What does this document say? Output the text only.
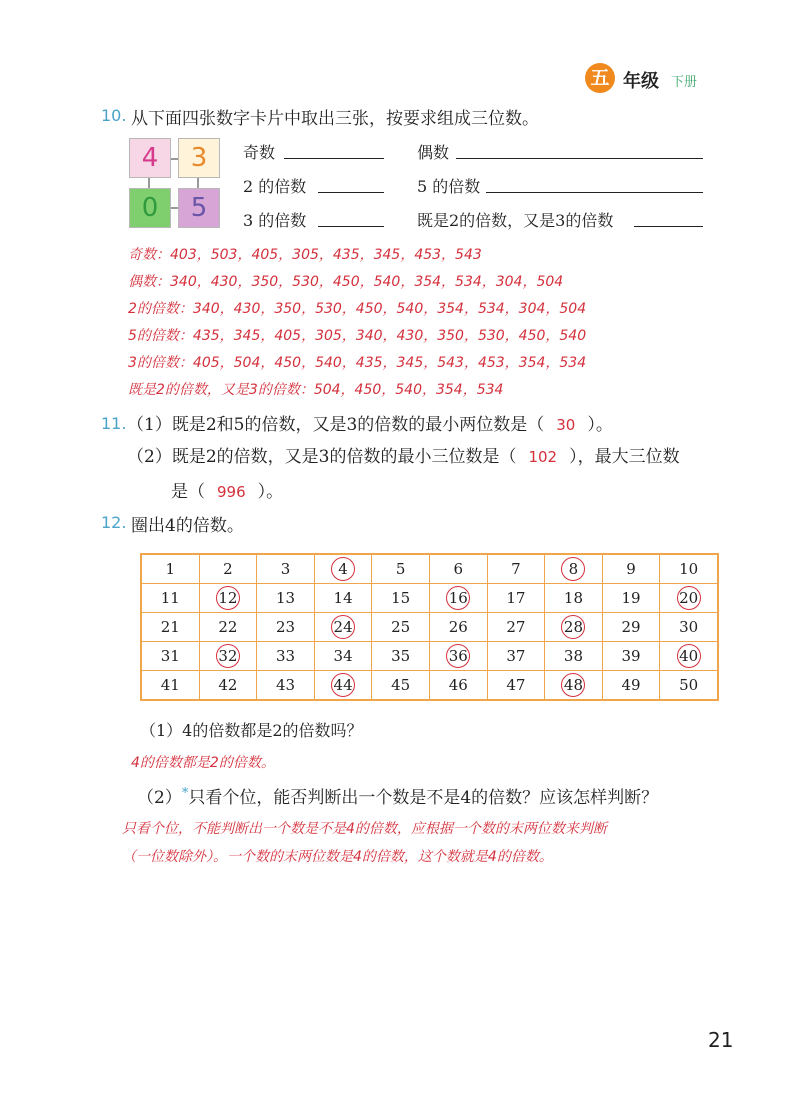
五 年级 下册
10. 从下面四张数字卡片中取出三张，按要求组成三位数。
4	3
0	5
奇数	偶数
2 的倍数	5 的倍数
3 的倍数	既是2的倍数，又是3的倍数
奇数：403，503，405，305，435，345，453，543
偶数：340，430，350，530，450，540，354，534，304，504
2的倍数：340，430，350，530，450，540，354，534，304，504
5的倍数：435，345，405，305，340，430，350，530，450，540
3的倍数：405，504，450，540，435，345，543，453，354，534
既是2的倍数，又是3的倍数：504，450，540，354，534
11. （1）既是2和5的倍数，又是3的倍数的最小两位数是（ 30 ）。
（2）既是2的倍数，又是3的倍数的最小三位数是（ 102 ），最大三位数
是（ 996 ）。
12. 圈出4的倍数。
1	2	3	4	5	6	7	8	9	10
11	12	13	14	15	16	17	18	19	20

21	22	23	24	25	26	27	28	29	30
31	32	33	34	35	36	37	38	39	40

41	42	43	44	45	46	47	48	49	50
（1）4的倍数都是2的倍数吗？
4的倍数都是2的倍数。
（2）*只看个位，能否判断出一个数是不是4的倍数？应该怎样判断？
只看个位，不能判断出一个数是不是4的倍数，应根据一个数的末两位数来判断
（一位数除外）。一个数的末两位数是4的倍数，这个数就是4的倍数。
21
